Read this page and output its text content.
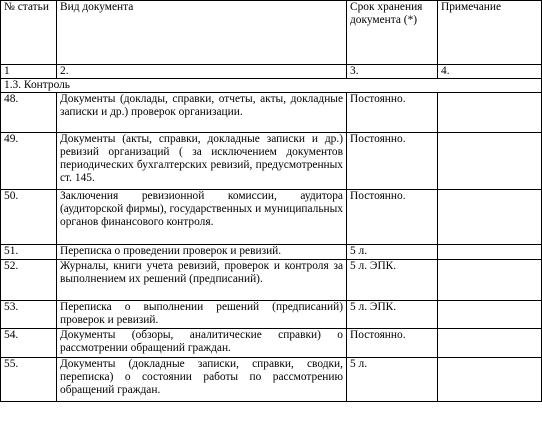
№ статьи	Вид документа	Срок хранения документа (*)	Примечание
1	2.	3.	4.
1.3. Контроль			
48.	Документы (доклады, справки, отчеты, акты, докладные записки и др.) проверок организации.	Постоянно.	
49.	Документы (акты, справки, докладные записки и др.) ревизий организаций ( за исключением документов периодических бухгалтерских ревизий, предусмотренных ст. 145.	Постоянно.	
50.	Заключения ревизионной комиссии, аудитора (аудиторской фирмы), государственных и муниципальных органов финансового контроля.	Постоянно.	
51.	Переписка о проведении проверок и ревизий.	5 л.	
52.	Журналы, книги учета ревизий, проверок и контроля за выполнением их решений (предписаний).	5 л. ЭПК.	
53.	Переписка о выполнении решений (предписаний) проверок и ревизий.	5 л. ЭПК.	
54.	Документы (обзоры, аналитические справки) о рассмотрении обращений граждан.	Постоянно.	
55.	Документы (докладные записки, справки, сводки, переписка) о состоянии работы по рассмотрению обращений граждан.	5 л.	
